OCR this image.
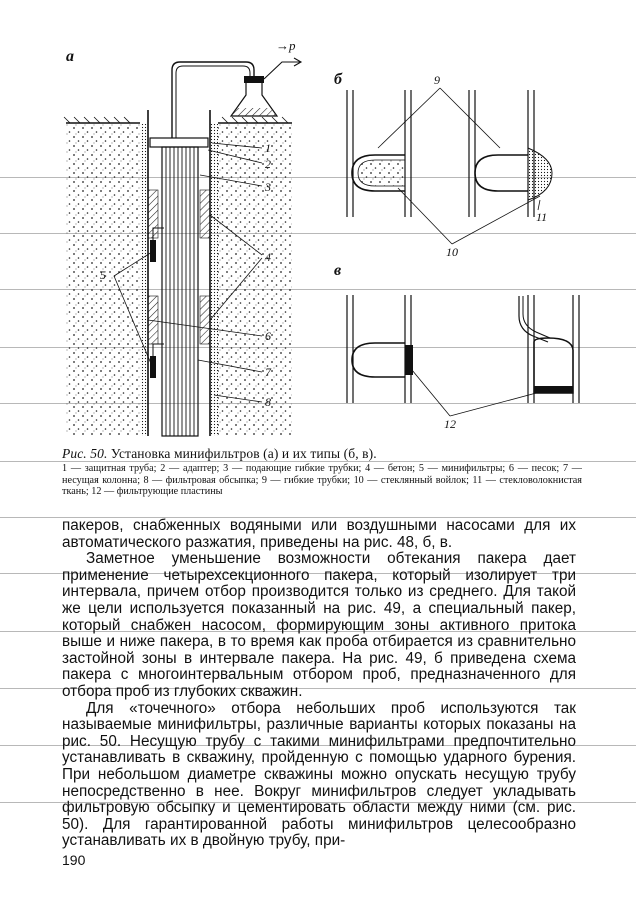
а
б
в
→p
1
2
3
4
5
6
7
8
9
10
11
12
Рис. 50. Установка минифильтров (а) и их типы (б, в).
1 — защитная труба; 2 — адаптер; 3 — подающие гибкие трубки; 4 — бетон; 5 — минифильтры; 6 — песок; 7 — несущая колонна; 8 — фильтровая обсыпка; 9 — гибкие трубки; 10 — стеклянный войлок; 11 — стекловолокнистая ткань; 12 — фильтрующие пластины

пакеров, снабженных водяными или воздушными насосами для их автоматического разжатия, приведены на рис. 48, б, в.

Заметное уменьшение возможности обтекания пакера дает применение четырехсекционного пакера, который изолирует три интервала, причем отбор производится только из среднего. Для такой же цели используется показанный на рис. 49, а специальный пакер, который снабжен насосом, формирующим зоны активного притока выше и ниже пакера, в то время как проба отбирается из сравнительно застойной зоны в интервале пакера. На рис. 49, б приведена схема пакера с многоинтервальным отбором проб, предназначенного для отбора проб из глубоких скважин.

Для «точечного» отбора небольших проб используются так называемые минифильтры, различные варианты которых показаны на рис. 50. Несущую трубу с такими минифильтрами предпочтительно устанавливать в скважину, пройденную с помощью ударного бурения. При небольшом диаметре скважины можно опускать несущую трубу непосредственно в нее. Вокруг минифильтров следует укладывать фильтровую обсыпку и цементировать области между ними (см. рис. 50). Для гарантированной работы минифильтров целесообразно устанавливать их в двойную трубу, при-

190
